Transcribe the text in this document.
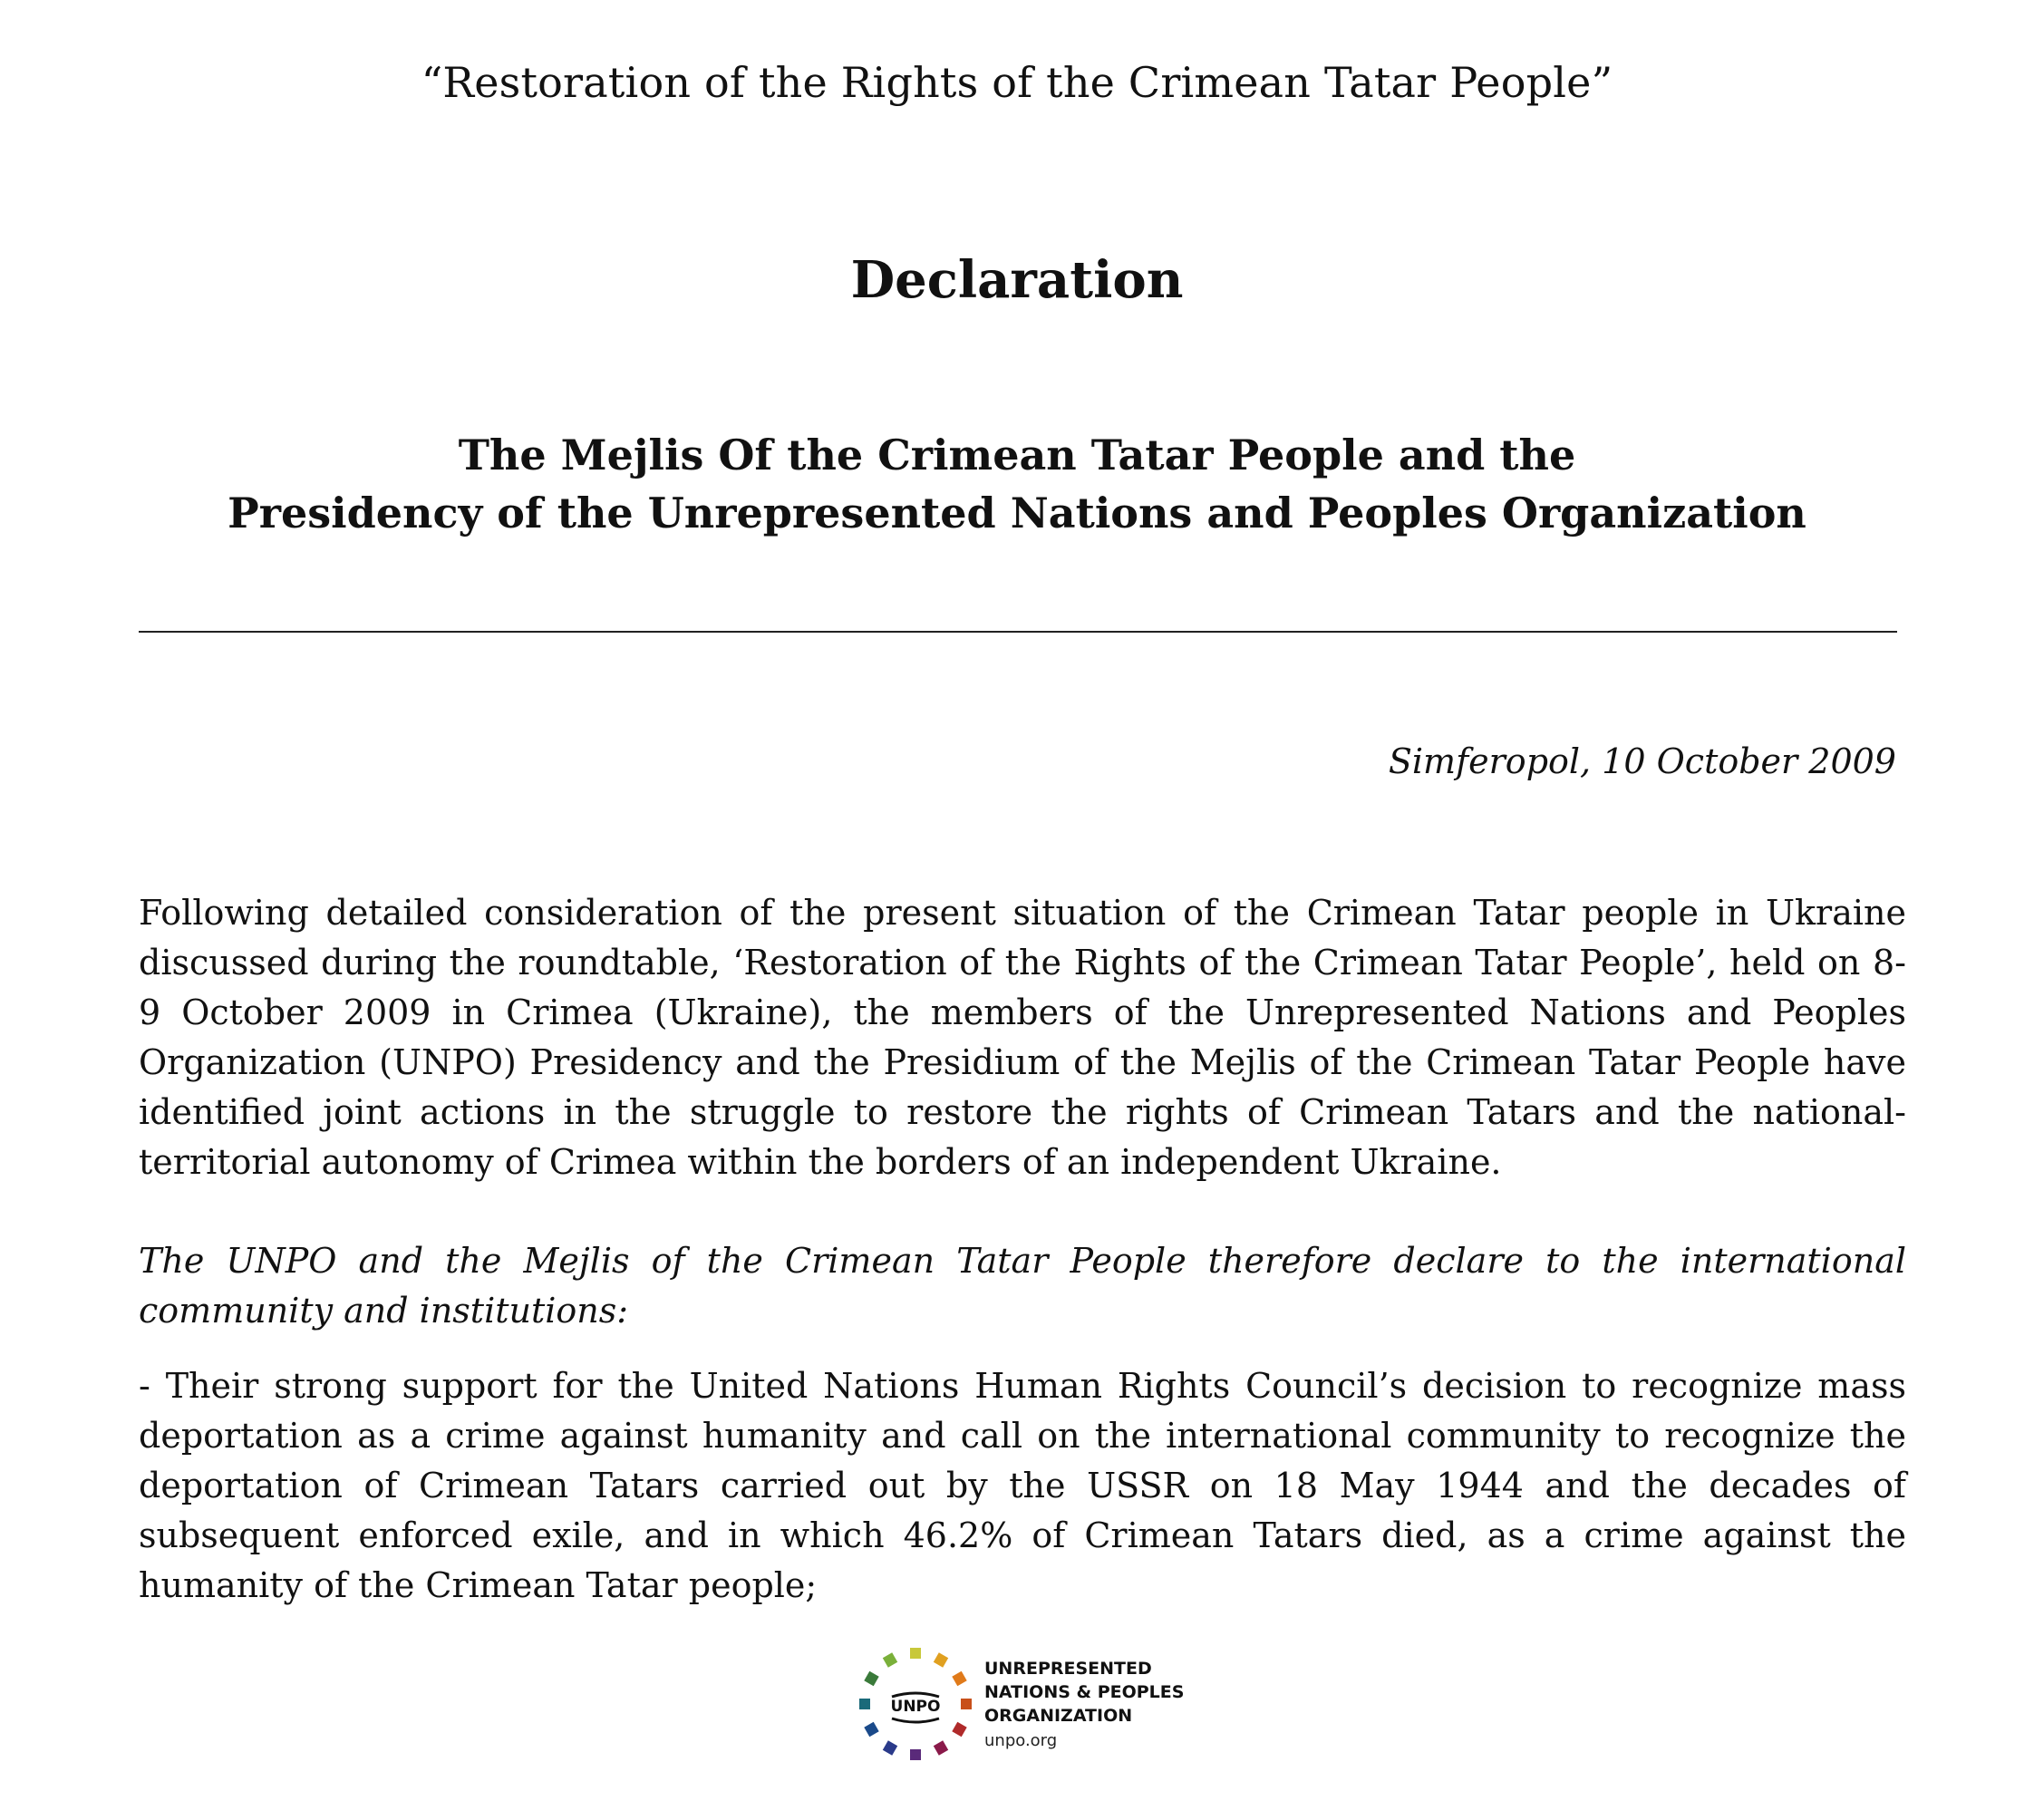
“Restoration of the Rights of the Crimean Tatar People”
Declaration
The Mejlis Of the Crimean Tatar People and the
Presidency of the Unrepresented Nations and Peoples Organization
Simferopol, 10 October 2009
Following detailed consideration of the present situation of the Crimean Tatar people in Ukraine discussed during the roundtable, ‘Restoration of the Rights of the Crimean Tatar People’, held on 8-9 October 2009 in Crimea (Ukraine), the members of the Unrepresented Nations and Peoples Organization (UNPO) Presidency and the Presidium of the Mejlis of the Crimean Tatar People have identified joint actions in the struggle to restore the rights of Crimean Tatars and the national-territorial autonomy of Crimea within the borders of an independent Ukraine.
The UNPO and the Mejlis of the Crimean Tatar People therefore declare to the international community and institutions:
- Their strong support for the United Nations Human Rights Council’s decision to recognize mass deportation as a crime against humanity and call on the international community to recognize the deportation of Crimean Tatars carried out by the USSR on 18 May 1944 and the decades of subsequent enforced exile, and in which 46.2% of Crimean Tatars died, as a crime against the humanity of the Crimean Tatar people;
UNPO
UNREPRESENTED
NATIONS & PEOPLES
ORGANIZATION
unpo.org
